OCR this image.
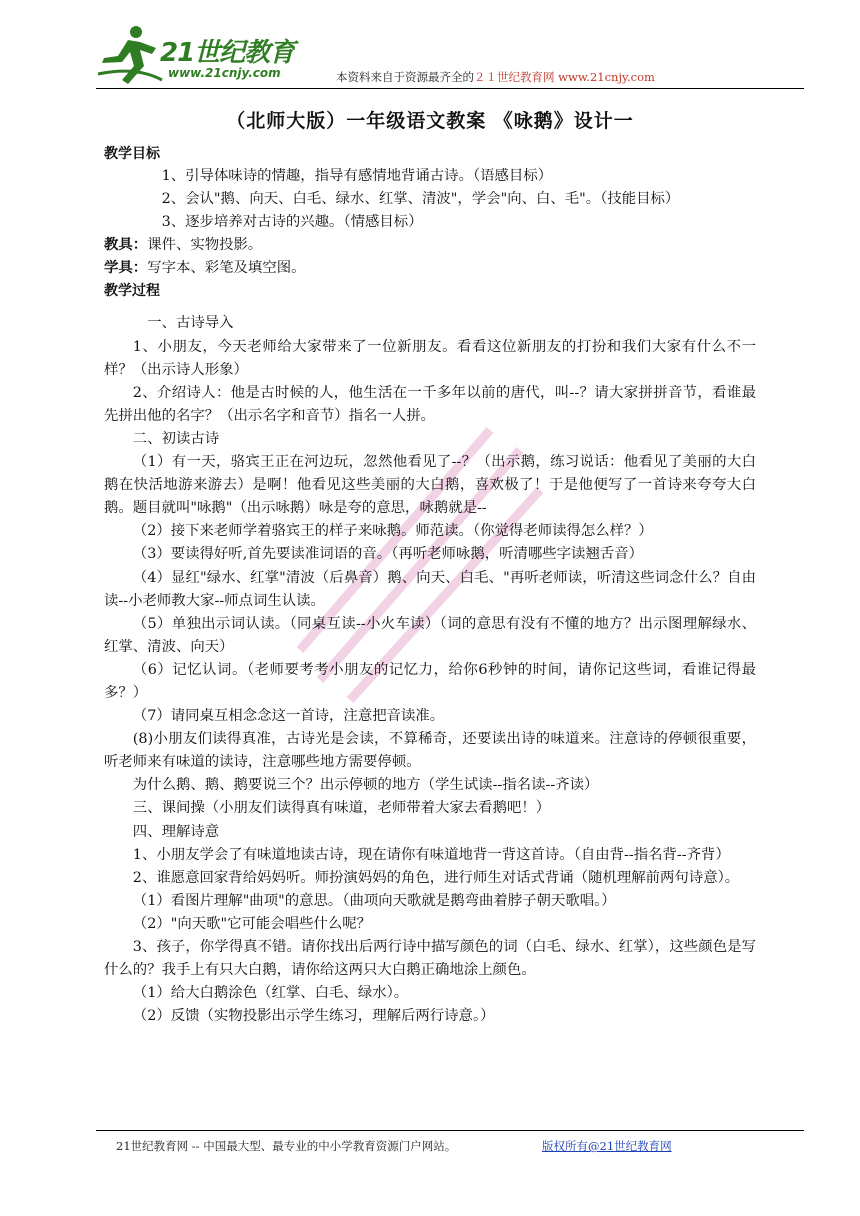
21世纪教育
www.21cnjy.com	本资料来自于资源最齐全的２１世纪教育网 www.21cnjy.com
（北师大版）一年级语文教案 《咏鹅》设计一
教学目标

1、引导体味诗的情趣，指导有感情地背诵古诗。（语感目标）

2、会认"鹅、向天、白毛、绿水、红掌、清波"，学会"向、白、毛"。（技能目标）

3、逐步培养对古诗的兴趣。（情感目标）

教具：课件、实物投影。

学具：写字本、彩笔及填空图。

教学过程

一、古诗导入

1、小朋友，今天老师给大家带来了一位新朋友。看看这位新朋友的打扮和我们大家有什么不一样？（出示诗人形象）

2、介绍诗人：他是古时候的人，他生活在一千多年以前的唐代，叫--？请大家拼拼音节，看谁最先拼出他的名字？（出示名字和音节）指名一人拼。

二、初读古诗

（1）有一天，骆宾王正在河边玩，忽然他看见了--？（出示鹅，练习说话：他看见了美丽的大白鹅在快活地游来游去）是啊！他看见这些美丽的大白鹅，喜欢极了！于是他便写了一首诗来夸夸大白鹅。题目就叫"咏鹅"（出示咏鹅）咏是夸的意思，咏鹅就是--

（2）接下来老师学着骆宾王的样子来咏鹅。师范读。（你觉得老师读得怎么样？）

（3）要读得好听,首先要读准词语的音。（再听老师咏鹅，听清哪些字读翘舌音）

（4）显红"绿水、红掌"清波（后鼻音）鹅、向天、白毛、"再听老师读，听清这些词念什么？自由读--小老师教大家--师点词生认读。

（5）单独出示词认读。（同桌互读--小火车读）（词的意思有没有不懂的地方？出示图理解绿水、红掌、清波、向天）

（6）记忆认词。（老师要考考小朋友的记忆力，给你6秒钟的时间，请你记这些词，看谁记得最多？）

（7）请同桌互相念念这一首诗，注意把音读准。

(8)小朋友们读得真准，古诗光是会读，不算稀奇，还要读出诗的味道来。注意诗的停顿很重要，听老师来有味道的读诗，注意哪些地方需要停顿。

为什么鹅、鹅、鹅要说三个？出示停顿的地方（学生试读--指名读--齐读）

三、课间操（小朋友们读得真有味道，老师带着大家去看鹅吧！）

四、理解诗意

1、小朋友学会了有味道地读古诗，现在请你有味道地背一背这首诗。（自由背--指名背--齐背）

2、谁愿意回家背给妈妈听。师扮演妈妈的角色，进行师生对话式背诵（随机理解前两句诗意）。

（1）看图片理解"曲项"的意思。（曲项向天歌就是鹅弯曲着脖子朝天歌唱。）

（2）"向天歌"它可能会唱些什么呢？

3、孩子，你学得真不错。请你找出后两行诗中描写颜色的词（白毛、绿水、红掌），这些颜色是写什么的？我手上有只大白鹅，请你给这两只大白鹅正确地涂上颜色。

（1）给大白鹅涂色（红掌、白毛、绿水）。

（2）反馈（实物投影出示学生练习，理解后两行诗意。）

21世纪教育网 -- 中国最大型、最专业的中小学教育资源门户网站。	版权所有@21世纪教育网
